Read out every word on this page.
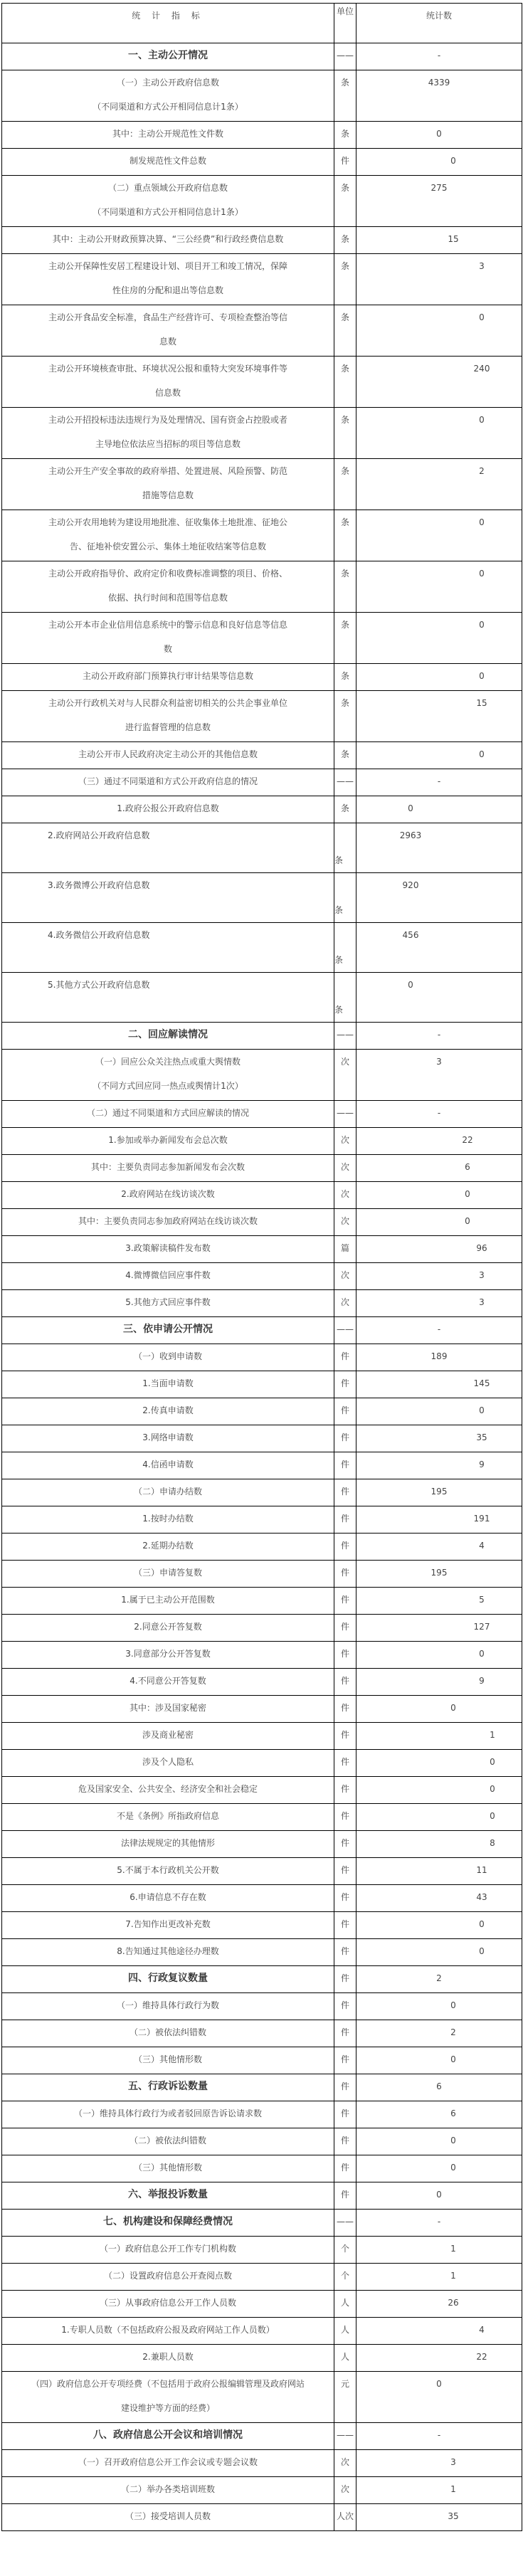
统 计 指 标	单位	统计数

一、主动公开情况	——	-

（一）主动公开政府信息数
（不同渠道和方式公开相同信息计1条）	条	4339

其中：主动公开规范性文件数	条	0

制发规范性文件总数	件	0

（二）重点领域公开政府信息数
（不同渠道和方式公开相同信息计1条）	条	275

其中：主动公开财政预算决算、“三公经费”和行政经费信息数	条	15

主动公开保障性安居工程建设计划、项目开工和竣工情况，保障
性住房的分配和退出等信息数	条	3

主动公开食品安全标准，食品生产经营许可、专项检查整治等信
息数	条	0

主动公开环境核查审批、环境状况公报和重特大突发环境事件等
信息数	条	240

主动公开招投标违法违规行为及处理情况、国有资金占控股或者
主导地位依法应当招标的项目等信息数	条	0

主动公开生产安全事故的政府举措、处置进展、风险预警、防范
措施等信息数	条	2

主动公开农用地转为建设用地批准、征收集体土地批准、征地公
告、征地补偿安置公示、集体土地征收结案等信息数	条	0

主动公开政府指导价、政府定价和收费标准调整的项目、价格、
依据、执行时间和范围等信息数	条	0

主动公开本市企业信用信息系统中的警示信息和良好信息等信息
数	条	0

主动公开政府部门预算执行审计结果等信息数	条	0

主动公开行政机关对与人民群众利益密切相关的公共企事业单位
进行监督管理的信息数	条	15

主动公开市人民政府决定主动公开的其他信息数	条	0

（三）通过不同渠道和方式公开政府信息的情况	——	-

1.政府公报公开政府信息数	条	0

2.政府网站公开政府信息数	条	2963

3.政务微博公开政府信息数	条	920

4.政务微信公开政府信息数	条	456

5.其他方式公开政府信息数	条	0

二、回应解读情况	——	-

（一）回应公众关注热点或重大舆情数
（不同方式回应同一热点或舆情计1次）	次	3

（二）通过不同渠道和方式回应解读的情况	——	-

1.参加或举办新闻发布会总次数	次	22

其中：主要负责同志参加新闻发布会次数	次	6

2.政府网站在线访谈次数	次	0

其中：主要负责同志参加政府网站在线访谈次数	次	0

3.政策解读稿件发布数	篇	96

4.微博微信回应事件数	次	3

5.其他方式回应事件数	次	3

三、依申请公开情况	——	-

（一）收到申请数	件	189

1.当面申请数	件	145

2.传真申请数	件	0

3.网络申请数	件	35

4.信函申请数	件	9

（二）申请办结数	件	195

1.按时办结数	件	191

2.延期办结数	件	4

（三）申请答复数	件	195

1.属于已主动公开范围数	件	5

2.同意公开答复数	件	127

3.同意部分公开答复数	件	0

4.不同意公开答复数	件	9

其中：涉及国家秘密	件	0

涉及商业秘密	件	1

涉及个人隐私	件	0

危及国家安全、公共安全、经济安全和社会稳定	件	0

不是《条例》所指政府信息	件	0

法律法规规定的其他情形	件	8

5.不属于本行政机关公开数	件	11

6.申请信息不存在数	件	43

7.告知作出更改补充数	件	0

8.告知通过其他途径办理数	件	0

四、行政复议数量	件	2

（一）维持具体行政行为数	件	0

（二）被依法纠错数	件	2

（三）其他情形数	件	0

五、行政诉讼数量	件	6

（一）维持具体行政行为或者驳回原告诉讼请求数	件	6

（二）被依法纠错数	件	0

（三）其他情形数	件	0

六、举报投诉数量	件	0

七、机构建设和保障经费情况	——	-

（一）政府信息公开工作专门机构数	个	1

（二）设置政府信息公开查阅点数	个	1

（三）从事政府信息公开工作人员数	人	26

1.专职人员数（不包括政府公报及政府网站工作人员数）	人	4

2.兼职人员数	人	22

（四）政府信息公开专项经费（不包括用于政府公报编辑管理及政府网站
建设维护等方面的经费）	元	0

八、政府信息公开会议和培训情况	——	-

（一）召开政府信息公开工作会议或专题会议数	次	3

（二）举办各类培训班数	次	1

（三）接受培训人员数	人次	35
